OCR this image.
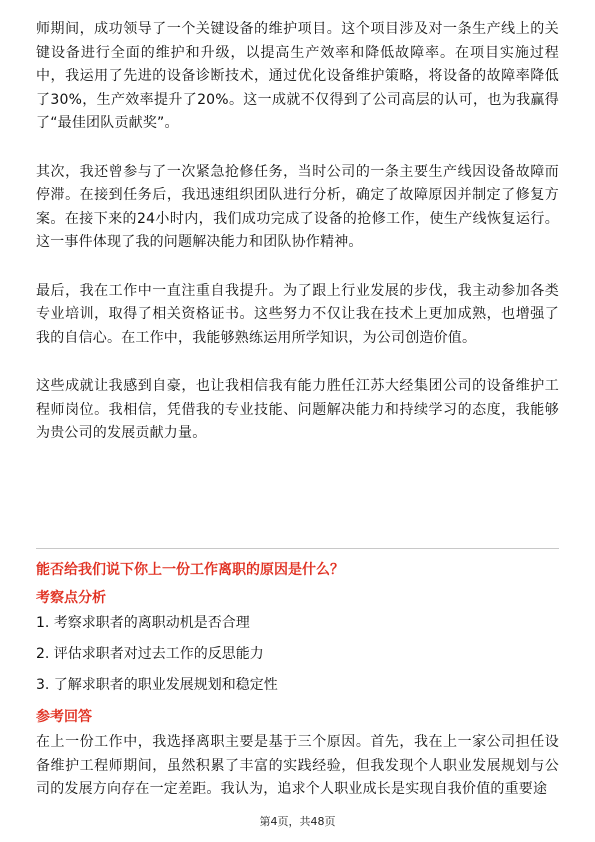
师期间，成功领导了一个关键设备的维护项目。这个项目涉及对一条生产线上的关键设备进行全面的维护和升级，以提高生产效率和降低故障率。在项目实施过程中，我运用了先进的设备诊断技术，通过优化设备维护策略，将设备的故障率降低了30%，生产效率提升了20%。这一成就不仅得到了公司高层的认可，也为我赢得了“最佳团队贡献奖”。

其次，我还曾参与了一次紧急抢修任务，当时公司的一条主要生产线因设备故障而停滞。在接到任务后，我迅速组织团队进行分析，确定了故障原因并制定了修复方案。在接下来的24小时内，我们成功完成了设备的抢修工作，使生产线恢复运行。这一事件体现了我的问题解决能力和团队协作精神。

最后，我在工作中一直注重自我提升。为了跟上行业发展的步伐，我主动参加各类专业培训，取得了相关资格证书。这些努力不仅让我在技术上更加成熟，也增强了我的自信心。在工作中，我能够熟练运用所学知识，为公司创造价值。

这些成就让我感到自豪，也让我相信我有能力胜任江苏大经集团公司的设备维护工程师岗位。我相信，凭借我的专业技能、问题解决能力和持续学习的态度，我能够为贵公司的发展贡献力量。

能否给我们说下你上一份工作离职的原因是什么？
考察点分析
1. 考察求职者的离职动机是否合理
2. 评估求职者对过去工作的反思能力
3. 了解求职者的职业发展规划和稳定性
参考回答

在上一份工作中，我选择离职主要是基于三个原因。首先，我在上一家公司担任设备维护工程师期间，虽然积累了丰富的实践经验，但我发现个人职业发展规划与公司的发展方向存在一定差距。我认为，追求个人职业成长是实现自我价值的重要途

第4页，共48页
